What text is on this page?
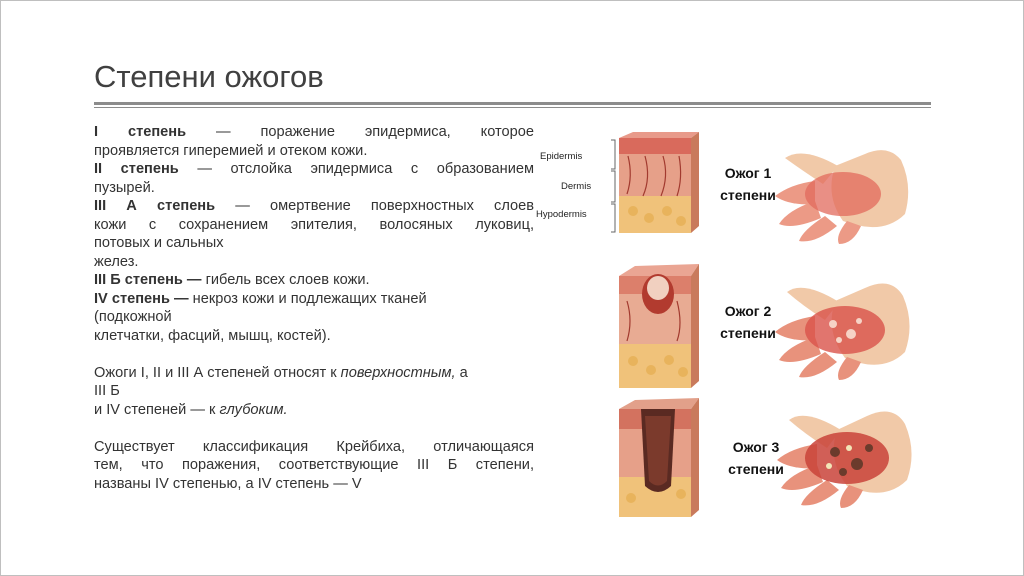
Степени ожогов

I степень — поражение эпидермиса, которое

проявляется гиперемией и отеком кожи.

II степень — отслойка эпидермиса с образованием

пузырей.

III А степень — омертвение поверхностных слоев

кожи с сохранением эпителия, волосяных луковиц,

потовых и сальных

желез.

III Б степень — гибель всех слоев кожи.

IV степень — некроз кожи и подлежащих тканей

(подкожной

клетчатки, фасций, мышц, костей).

Ожоги I, II и III А степеней относят к поверхностным, а

III Б

и IV степеней — к глубоким.

Существует классификация Крейбиха, отличающаяся

тем, что поражения, соответствующие III Б степени,

названы IV степенью, а IV степень — V

Epidermis
Dermis
Hypodermis
Ожог 1
степени
Ожог 2
степени
Ожог 3
степени
